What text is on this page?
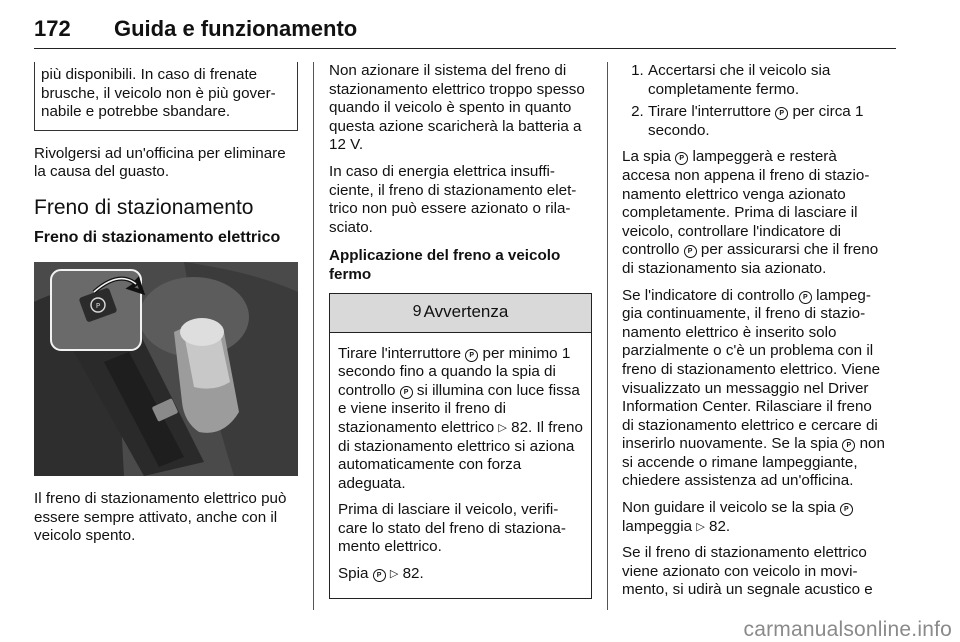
172 Guida e funzionamento
più disponibili. In caso di frenate brusche, il veicolo non è più gover-nabile e potrebbe sbandare.

Rivolgersi ad un'officina per eliminare la causa del guasto.

Freno di stazionamento
Freno di stazionamento elettrico
P

Il freno di stazionamento elettrico può essere sempre attivato, anche con il veicolo spento.

Non azionare il sistema del freno di stazionamento elettrico troppo spesso quando il veicolo è spento in quanto questa azione scaricherà la batteria a 12 V.

In caso di energia elettrica insuffi-ciente, il freno di stazionamento elet-trico non può essere azionato o rila-sciato.

Applicazione del freno a veicolo fermo
9 Avvertenza

Tirare l'interruttore P per minimo 1 secondo fino a quando la spia di controllo P si illumina con luce fissa e viene inserito il freno di stazionamento elettrico ▷ 82. Il freno di stazionamento elettrico si aziona automaticamente con forza adeguata.

Prima di lasciare il veicolo, verifi-care lo stato del freno di staziona-mento elettrico.

Spia P ▷ 82.

1. Accertarsi che il veicolo sia completamente fermo.
2. Tirare l'interruttore P per circa 1 secondo.

La spia P lampeggerà e resterà accesa non appena il freno di stazio-namento elettrico venga azionato completamente. Prima di lasciare il veicolo, controllare l'indicatore di controllo P per assicurarsi che il freno di stazionamento sia azionato.

Se l'indicatore di controllo P lampeg-gia continuamente, il freno di stazio-namento elettrico è inserito solo parzialmente o c'è un problema con il freno di stazionamento elettrico. Viene visualizzato un messaggio nel Driver Information Center. Rilasciare il freno di stazionamento elettrico e cercare di inserirlo nuovamente. Se la spia P non si accende o rimane lampeggiante, chiedere assistenza ad un'officina.

Non guidare il veicolo se la spia P lampeggia ▷ 82.

Se il freno di stazionamento elettrico viene azionato con veicolo in movi-mento, si udirà un segnale acustico e

carmanualsonline.info
